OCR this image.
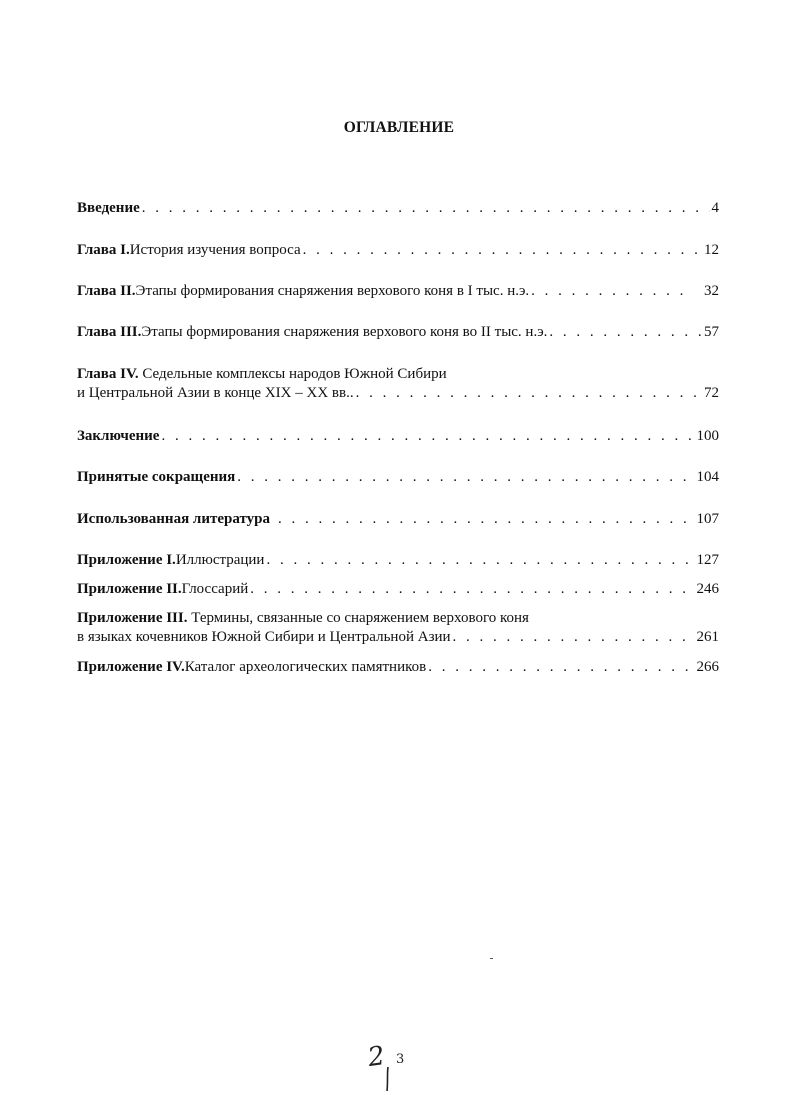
ОГЛАВЛЕНИЕ
Введение . . .	4
Глава I. История изучения вопроса . . .	12
Глава II. Этапы формирования снаряжения верхового коня в I тыс. н.э. . . .	32
Глава III. Этапы формирования снаряжения верхового коня во II тыс. н.э. . . .	57
Глава IV. Седельные комплексы народов Южной Сибири
и Центральной Азии в конце XIX – XX вв.. . . .	72
Заключение . . .	100
Принятые сокращения . . .	104
Использованная литература . . .	107
Приложение I. Иллюстрации . . .	127
Приложение II. Глоссарий . . .	246
Приложение III. Термины, связанные со снаряжением верхового коня
в языках кочевников Южной Сибири и Центральной Азии . . .	261
Приложение IV. Каталог археологических памятников . . .	266
2 3
